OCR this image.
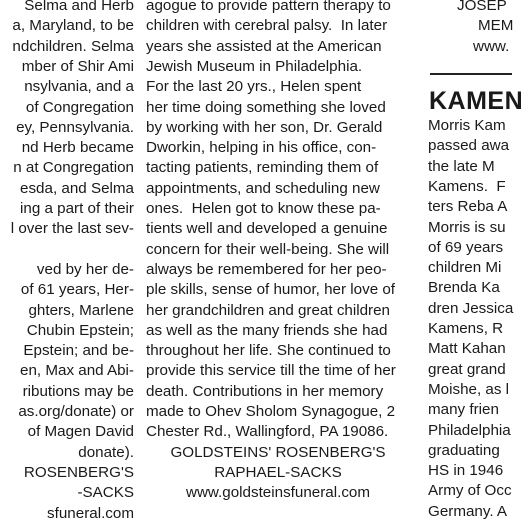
Selma and Herb
a, Maryland, to be
ndchildren. Selma
mber of Shir Ami
nsylvania, and a
of Congregation
ey, Pennsylvania.
nd Herb became
n at Congregation
esda, and Selma
ing a part of their
l over the last sev-
ved by her de-
of 61 years, Her-
ghters, Marlene
Chubin Epstein;
Epstein; and be-
en, Max and Abi-
ributions may be
as.org/donate) or
of Magen David
donate).
ROSENBERG'S
-SACKS
sfuneral.com
agogue to provide pattern therapy to
children with cerebral palsy.  In later
years she assisted at the American
Jewish Museum in Philadelphia.
For the last 20 yrs., Helen spent
her time doing something she loved
by working with her son, Dr. Gerald
Dworkin, helping in his office, con-
tacting patients, reminding them of
appointments, and scheduling new
ones.  Helen got to know these pa-
tients well and developed a genuine
concern for their well-being. She will
always be remembered for her peo-
ple skills, sense of humor, her love of
her grandchildren and great children
as well as the many friends she had
throughout her life. She continued to
provide this service till the time of her
death. Contributions in her memory
made to Ohev Sholom Synagogue, 2
Chester Rd., Wallingford, PA 19086.
GOLDSTEINS' ROSENBERG'S
RAPHAEL-SACKS
www.goldsteinsfuneral.com
JOSEP
MEM
www.
Morris Kam
passed awa
the late M
Kamens.  F
ters Reba A
Morris is su
of 69 years
children Mi
Brenda Ka
dren Jessica
Kamens, R
Matt Kahan
great grand
Moishe, as l
many frien
Philadelphia
graduating
HS in 1946
Army of Occ
Germany. A
KAMEN
